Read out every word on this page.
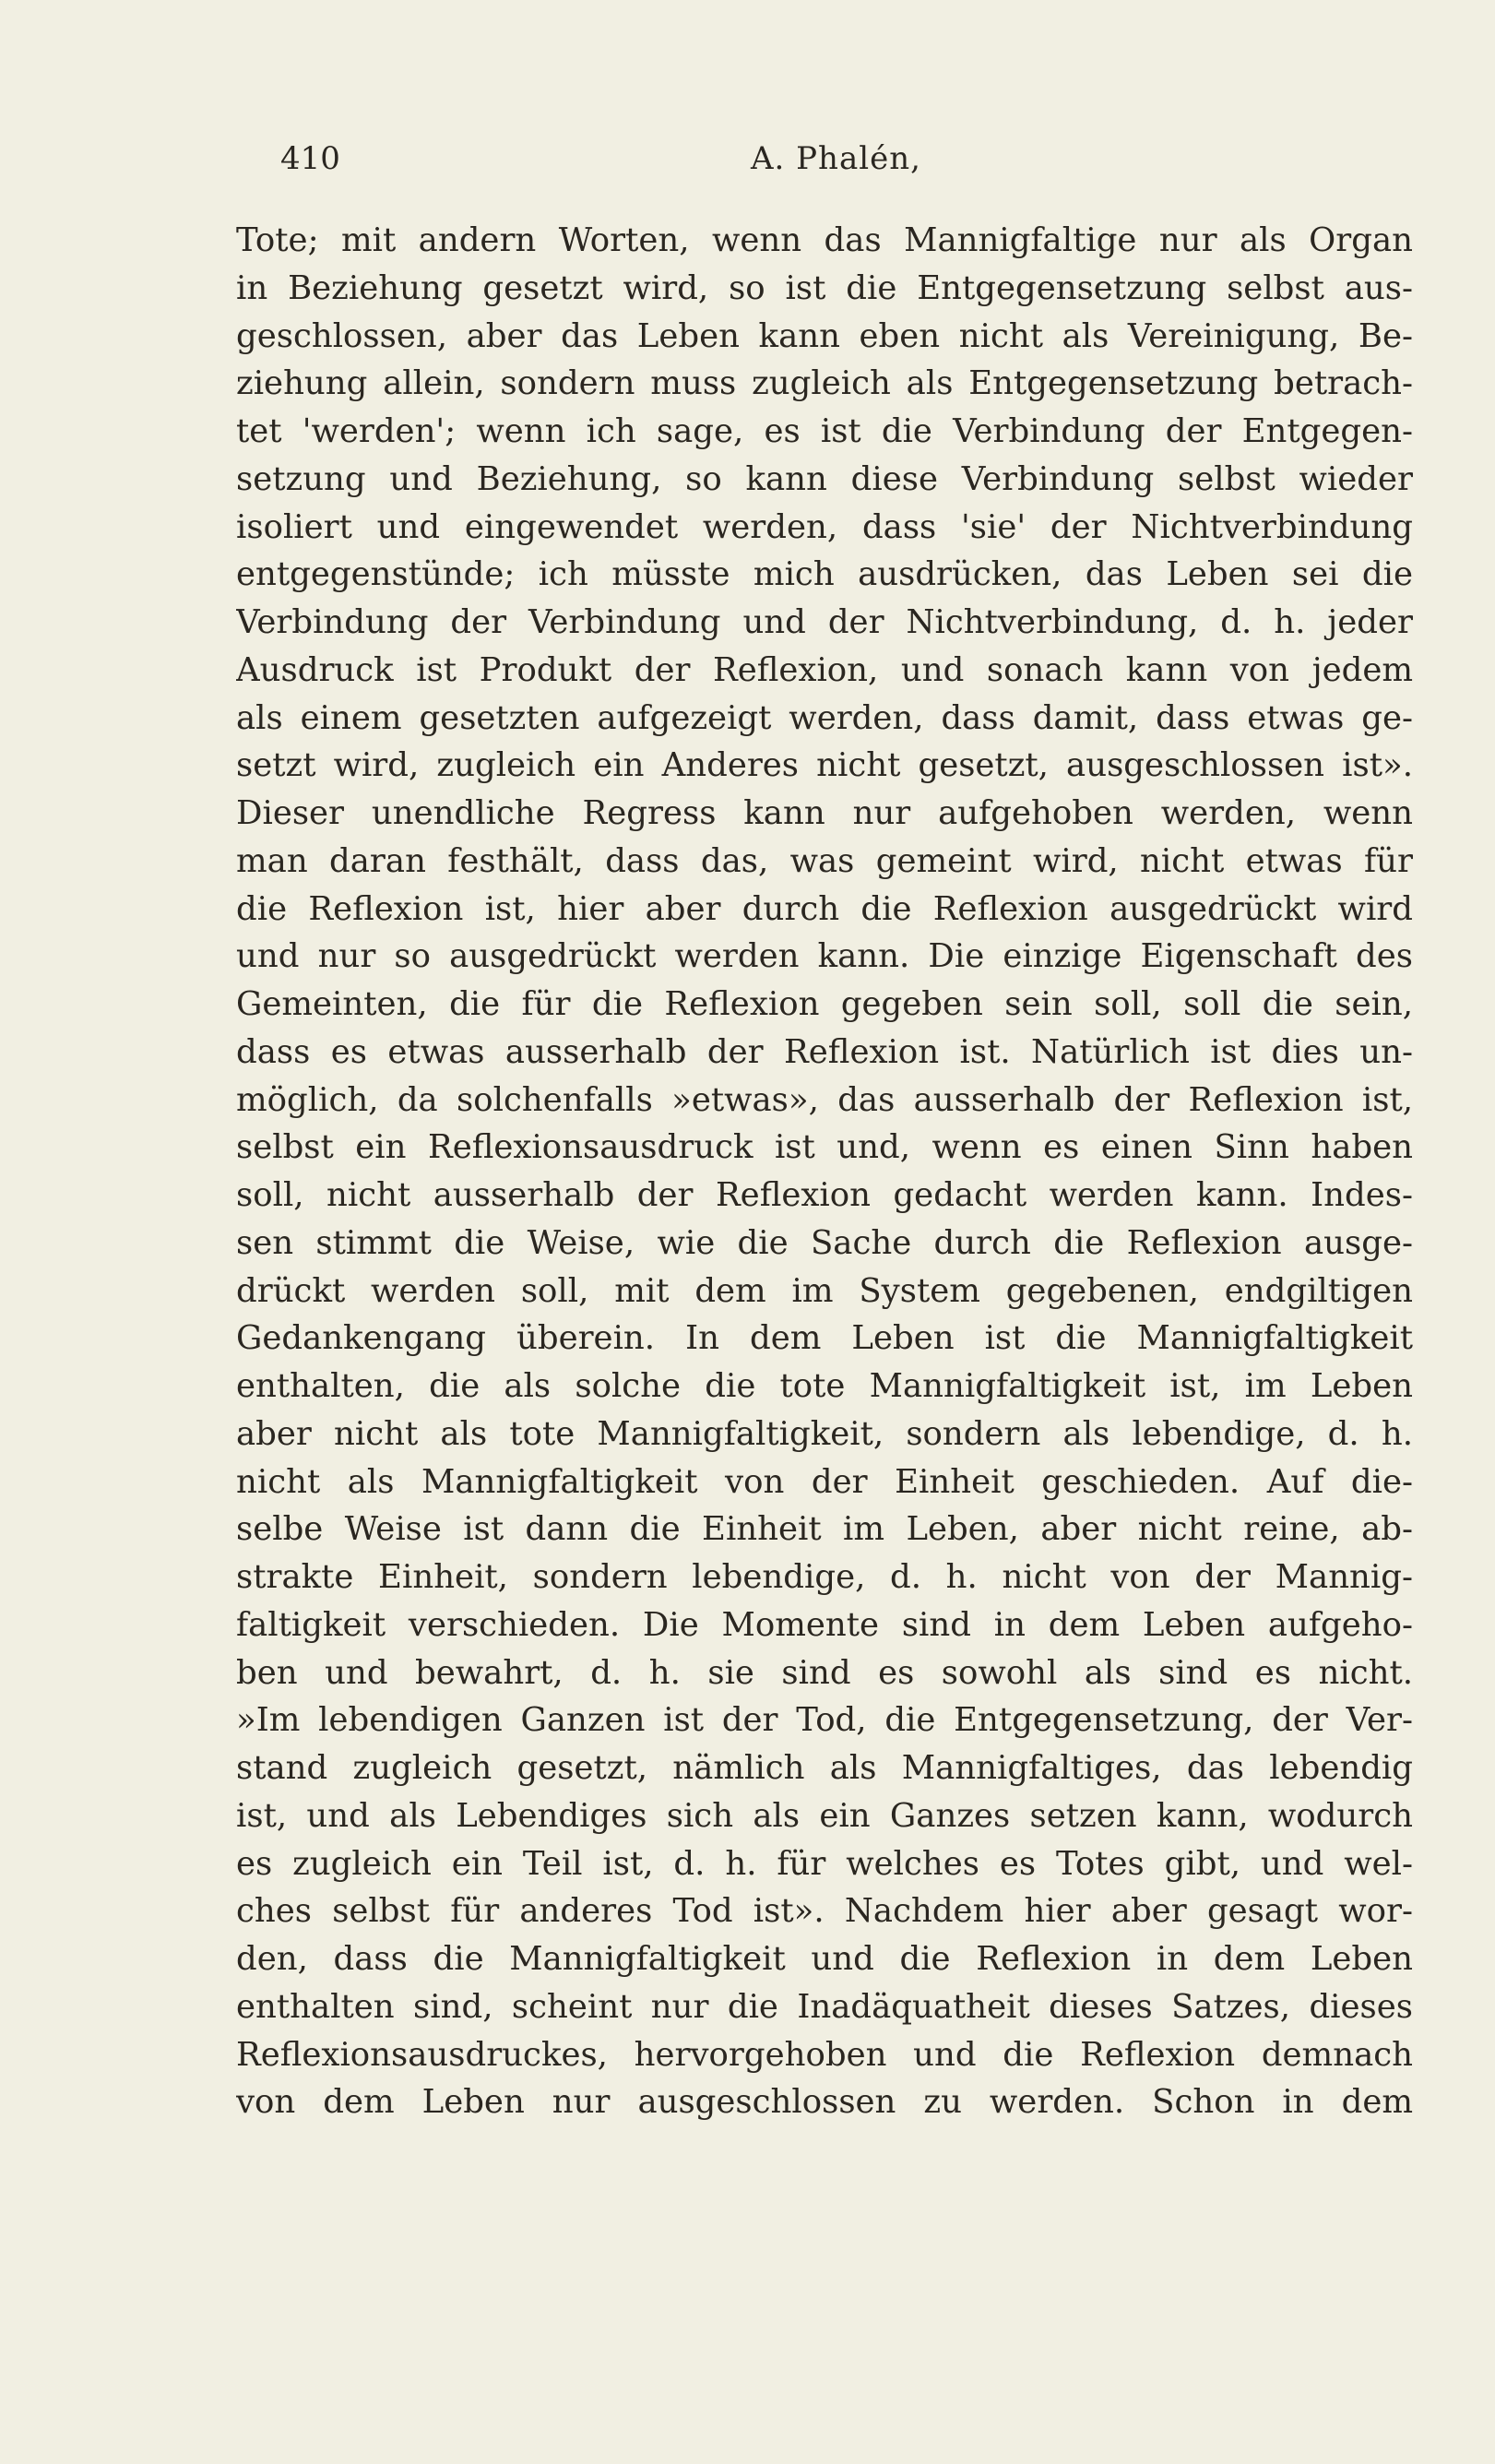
410	A. Phalén,
Tote; mit andern Worten, wenn das Mannigfaltige nur als Organ
in Beziehung gesetzt wird, so ist die Entgegensetzung selbst aus-
geschlossen, aber das Leben kann eben nicht als Vereinigung, Be-
ziehung allein, sondern muss zugleich als Entgegensetzung betrach-
tet 'werden'; wenn ich sage, es ist die Verbindung der Entgegen-
setzung und Beziehung, so kann diese Verbindung selbst wieder
isoliert und eingewendet werden, dass 'sie' der Nichtverbindung
entgegenstünde; ich müsste mich ausdrücken, das Leben sei die
Verbindung der Verbindung und der Nichtverbindung, d. h. jeder
Ausdruck ist Produkt der Reflexion, und sonach kann von jedem
als einem gesetzten aufgezeigt werden, dass damit, dass etwas ge-
setzt wird, zugleich ein Anderes nicht gesetzt, ausgeschlossen ist».
Dieser unendliche Regress kann nur aufgehoben werden, wenn
man daran festhält, dass das, was gemeint wird, nicht etwas für
die Reflexion ist, hier aber durch die Reflexion ausgedrückt wird
und nur so ausgedrückt werden kann. Die einzige Eigenschaft des
Gemeinten, die für die Reflexion gegeben sein soll, soll die sein,
dass es etwas ausserhalb der Reflexion ist. Natürlich ist dies un-
möglich, da solchenfalls »etwas», das ausserhalb der Reflexion ist,
selbst ein Reflexionsausdruck ist und, wenn es einen Sinn haben
soll, nicht ausserhalb der Reflexion gedacht werden kann. Indes-
sen stimmt die Weise, wie die Sache durch die Reflexion ausge-
drückt werden soll, mit dem im System gegebenen, endgiltigen
Gedankengang überein. In dem Leben ist die Mannigfaltigkeit
enthalten, die als solche die tote Mannigfaltigkeit ist, im Leben
aber nicht als tote Mannigfaltigkeit, sondern als lebendige, d. h.
nicht als Mannigfaltigkeit von der Einheit geschieden. Auf die-
selbe Weise ist dann die Einheit im Leben, aber nicht reine, ab-
strakte Einheit, sondern lebendige, d. h. nicht von der Mannig-
faltigkeit verschieden. Die Momente sind in dem Leben aufgeho-
ben und bewahrt, d. h. sie sind es sowohl als sind es nicht.
»Im lebendigen Ganzen ist der Tod, die Entgegensetzung, der Ver-
stand zugleich gesetzt, nämlich als Mannigfaltiges, das lebendig
ist, und als Lebendiges sich als ein Ganzes setzen kann, wodurch
es zugleich ein Teil ist, d. h. für welches es Totes gibt, und wel-
ches selbst für anderes Tod ist». Nachdem hier aber gesagt wor-
den, dass die Mannigfaltigkeit und die Reflexion in dem Leben
enthalten sind, scheint nur die Inadäquatheit dieses Satzes, dieses
Reflexionsausdruckes, hervorgehoben und die Reflexion demnach
von dem Leben nur ausgeschlossen zu werden. Schon in dem
